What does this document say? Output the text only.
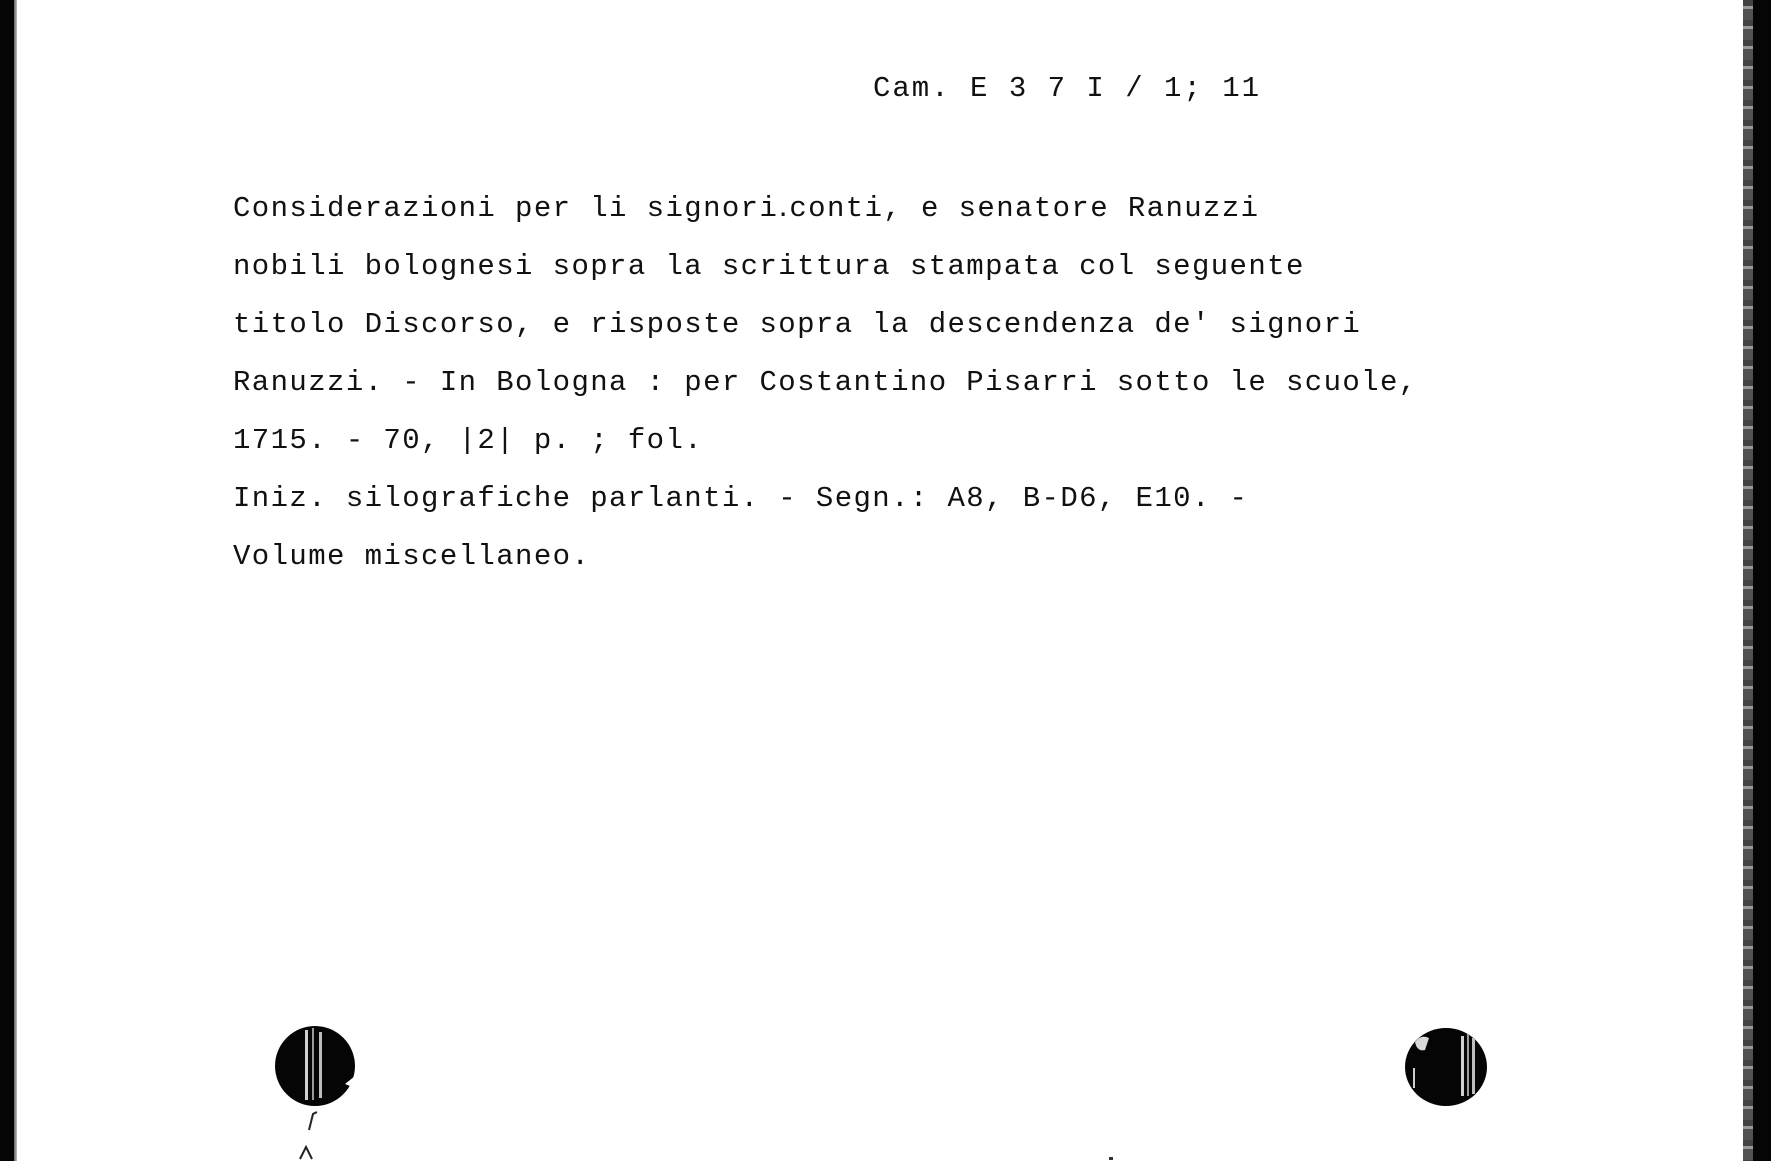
Cam. E 3 7 I / 1; 11
Considerazioni per li signori․conti, e senatore Ranuzzi
nobili bolognesi sopra la scrittura stampata col seguente
titolo Discorso, e risposte sopra la descendenza de' signori
Ranuzzi. - In Bologna : per Costantino Pisarri sotto le scuole,
1715. - 70, |2| p. ; fol.
Iniz. silografiche parlanti. - Segn.: A8, B-D6, E10. -
Volume miscellaneo.
